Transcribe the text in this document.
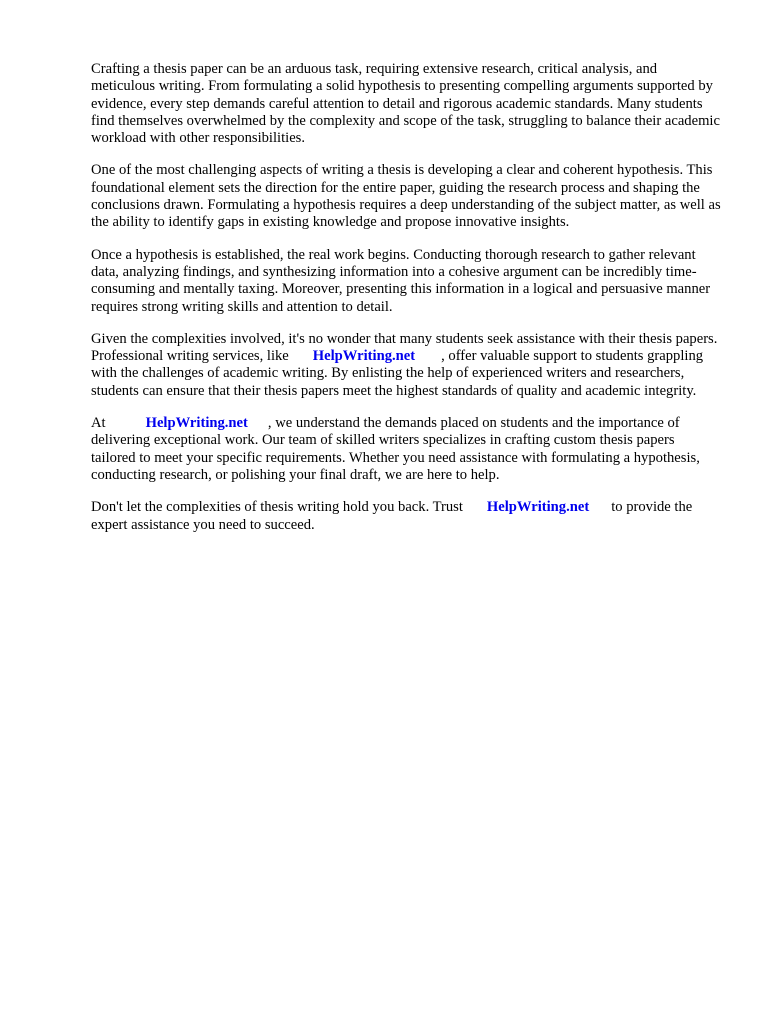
Crafting a thesis paper can be an arduous task, requiring extensive research, critical analysis, and meticulous writing. From formulating a solid hypothesis to presenting compelling arguments supported by evidence, every step demands careful attention to detail and rigorous academic standards. Many students find themselves overwhelmed by the complexity and scope of the task, struggling to balance their academic workload with other responsibilities.

One of the most challenging aspects of writing a thesis is developing a clear and coherent hypothesis. This foundational element sets the direction for the entire paper, guiding the research process and shaping the conclusions drawn. Formulating a hypothesis requires a deep understanding of the subject matter, as well as the ability to identify gaps in existing knowledge and propose innovative insights.

Once a hypothesis is established, the real work begins. Conducting thorough research to gather relevant data, analyzing findings, and synthesizing information into a cohesive argument can be incredibly time-consuming and mentally taxing. Moreover, presenting this information in a logical and persuasive manner requires strong writing skills and attention to detail.

Given the complexities involved, it's no wonder that many students seek assistance with their thesis papers. Professional writing services, like HelpWriting.net , offer valuable support to students grappling with the challenges of academic writing. By enlisting the help of experienced writers and researchers, students can ensure that their thesis papers meet the highest standards of quality and academic integrity.

At	HelpWriting.net , we understand the demands placed on students and the importance of delivering exceptional work. Our team of skilled writers specializes in crafting custom thesis papers tailored to meet your specific requirements. Whether you need assistance with formulating a hypothesis, conducting research, or polishing your final draft, we are here to help.

Don't let the complexities of thesis writing hold you back. Trust HelpWriting.net to provide the expert assistance you need to succeed.
